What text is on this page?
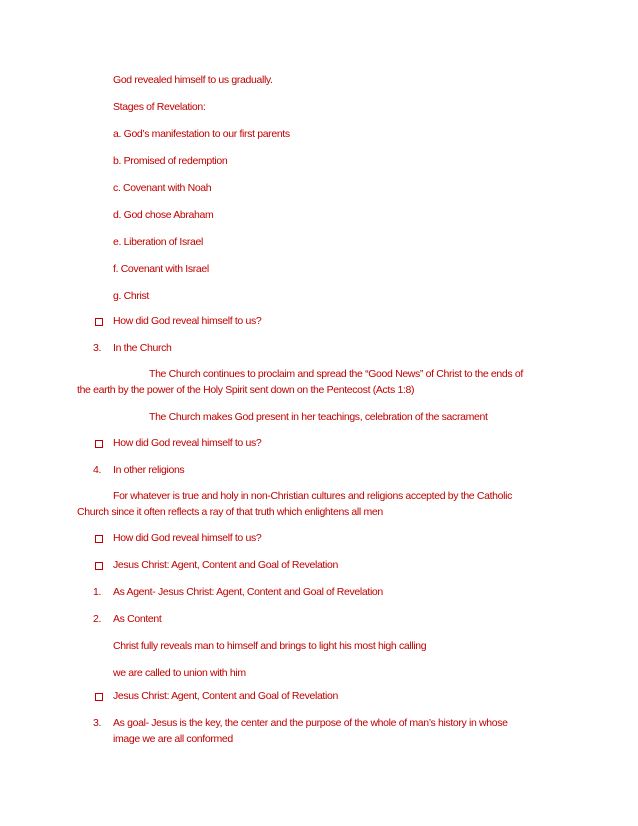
God revealed himself to us gradually.
Stages of Revelation:
a. God’s manifestation to our first parents
b. Promised of redemption
c. Covenant with Noah
d. God chose Abraham
e. Liberation of Israel
f. Covenant with Israel
g. Christ
How did God reveal himself to us?
3. In the Church
The Church continues to proclaim and spread the “Good News” of Christ to the ends of
the earth by the power of the Holy Spirit sent down on the Pentecost (Acts 1:8)
The Church makes God present in her teachings, celebration of the sacrament
How did God reveal himself to us?
4. In other religions
For whatever is true and holy in non-Christian cultures and religions accepted by the Catholic
Church since it often reflects a ray of that truth which enlightens all men
How did God reveal himself to us?
Jesus Christ: Agent, Content and Goal of Revelation
1. As Agent- Jesus Christ: Agent, Content and Goal of Revelation
2. As Content
Christ fully reveals man to himself and brings to light his most high calling
we are called to union with him
Jesus Christ: Agent, Content and Goal of Revelation
3. As goal- Jesus is the key, the center and the purpose of the whole of man’s history in whose
image we are all conformed
